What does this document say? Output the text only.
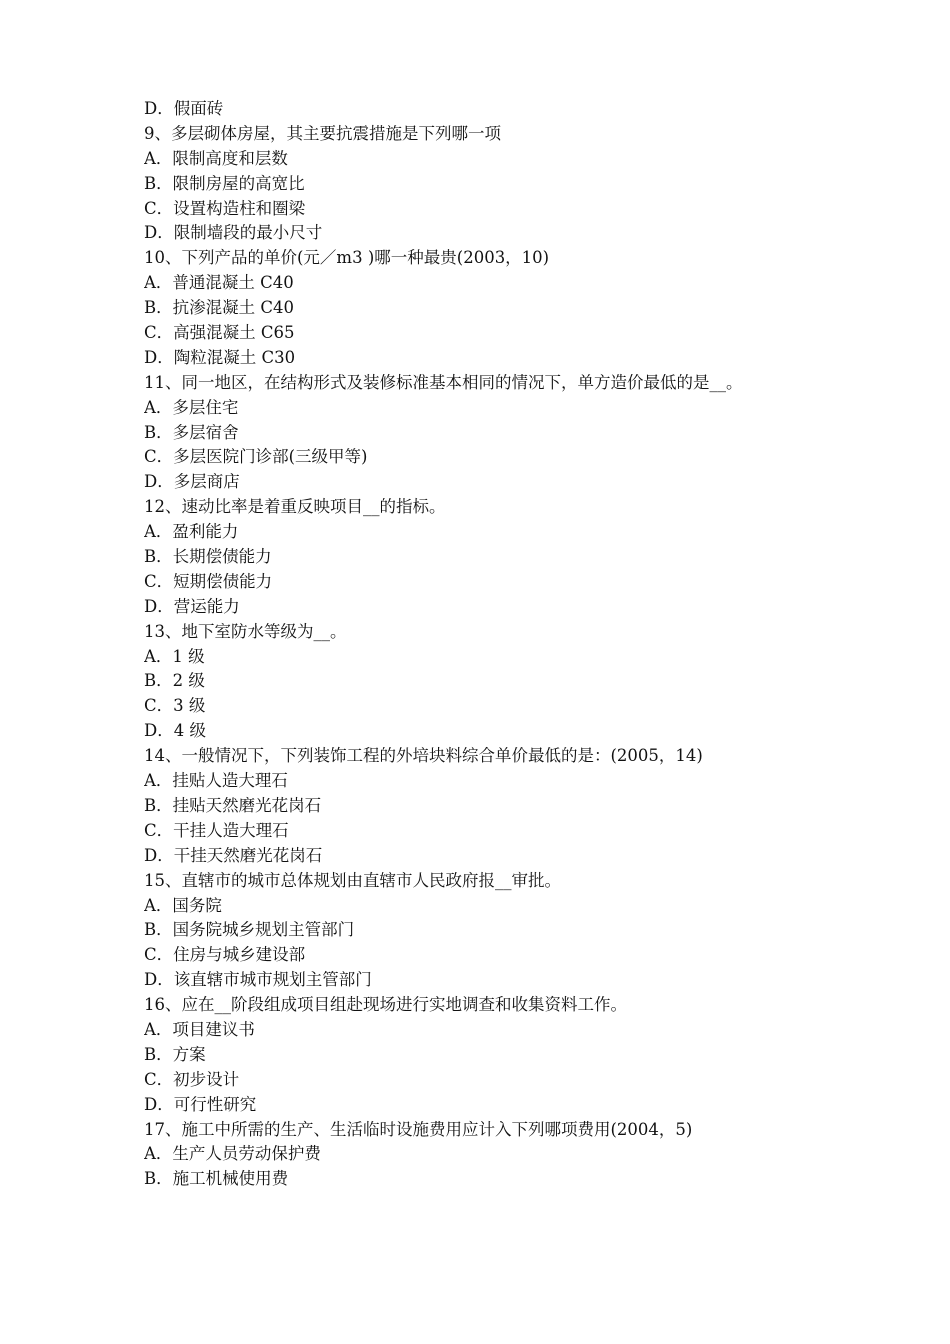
D．假面砖
9、多层砌体房屋，其主要抗震措施是下列哪一项
A．限制高度和层数
B．限制房屋的高宽比
C．设置构造柱和圈梁
D．限制墙段的最小尺寸
10、下列产品的单价(元／m3 )哪一种最贵(2003，10)
A．普通混凝土 C40
B．抗渗混凝土 C40
C．高强混凝土 C65
D．陶粒混凝土 C30
11、同一地区，在结构形式及装修标准基本相同的情况下，单方造价最低的是__。
A．多层住宅
B．多层宿舍
C．多层医院门诊部(三级甲等)
D．多层商店
12、速动比率是着重反映项目__的指标。
A．盈利能力
B．长期偿债能力
C．短期偿债能力
D．营运能力
13、地下室防水等级为__。
A．1 级
B．2 级
C．3 级
D．4 级
14、一般情况下，下列装饰工程的外培块料综合单价最低的是：(2005，14)
A．挂贴人造大理石
B．挂贴天然磨光花岗石
C．干挂人造大理石
D．干挂天然磨光花岗石
15、直辖市的城市总体规划由直辖市人民政府报__审批。
A．国务院
B．国务院城乡规划主管部门
C．住房与城乡建设部
D．该直辖市城市规划主管部门
16、应在__阶段组成项目组赴现场进行实地调查和收集资料工作。
A．项目建议书
B．方案
C．初步设计
D．可行性研究
17、施工中所需的生产、生活临时设施费用应计入下列哪项费用(2004，5)
A．生产人员劳动保护费
B．施工机械使用费
